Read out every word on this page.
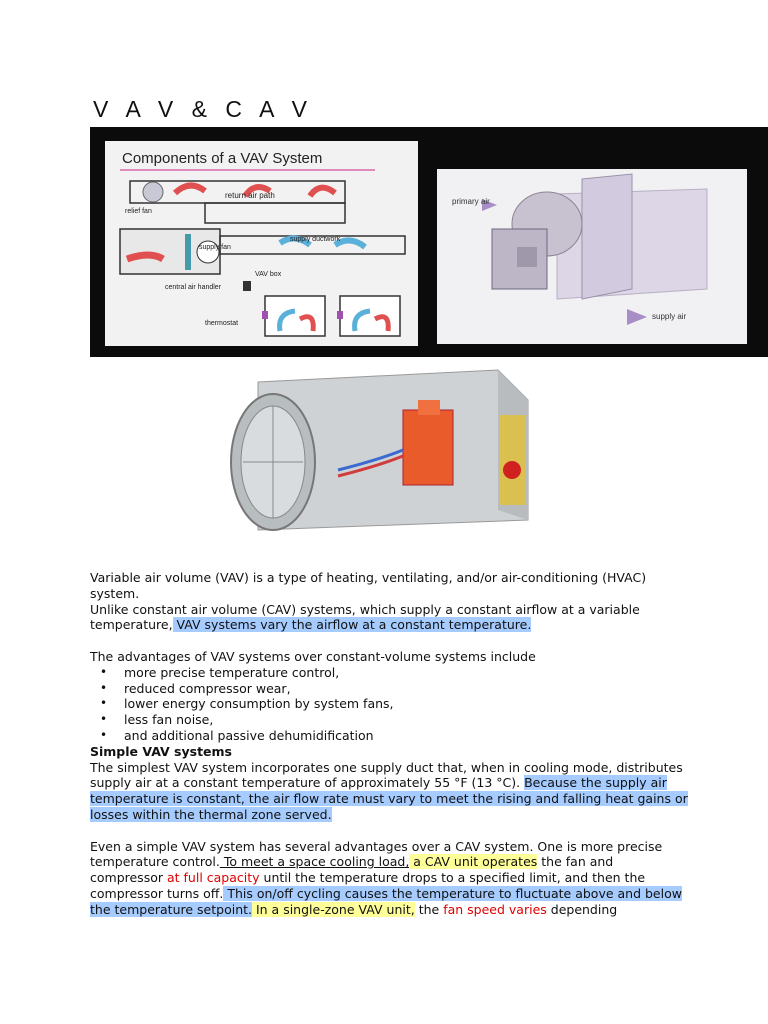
V A V & C A V
Components of a VAV System
return air path
relief fan
supply fan
supply ductwork
central air handler
VAV box
thermostat
primary air
supply air

Variable air volume (VAV) is a type of heating, ventilating, and/or air-conditioning (HVAC) system.

Unlike constant air volume (CAV) systems, which supply a constant airflow at a variable temperature, VAV systems vary the airflow at a constant temperature.

The advantages of VAV systems over constant-volume systems include

• more precise temperature control,
• reduced compressor wear,
• lower energy consumption by system fans,
• less fan noise,
• and additional passive dehumidification
Simple VAV systems

The simplest VAV system incorporates one supply duct that, when in cooling mode, distributes supply air at a constant temperature of approximately 55 °F (13 °C). Because the supply air temperature is constant, the air flow rate must vary to meet the rising and falling heat gains or losses within the thermal zone served.

Even a simple VAV system has several advantages over a CAV system. One is more precise temperature control. To meet a space cooling load, a CAV unit operates the fan and compressor at full capacity until the temperature drops to a specified limit, and then the compressor turns off. This on/off cycling causes the temperature to fluctuate above and below the temperature setpoint. In a single-zone VAV unit, the fan speed varies depending
